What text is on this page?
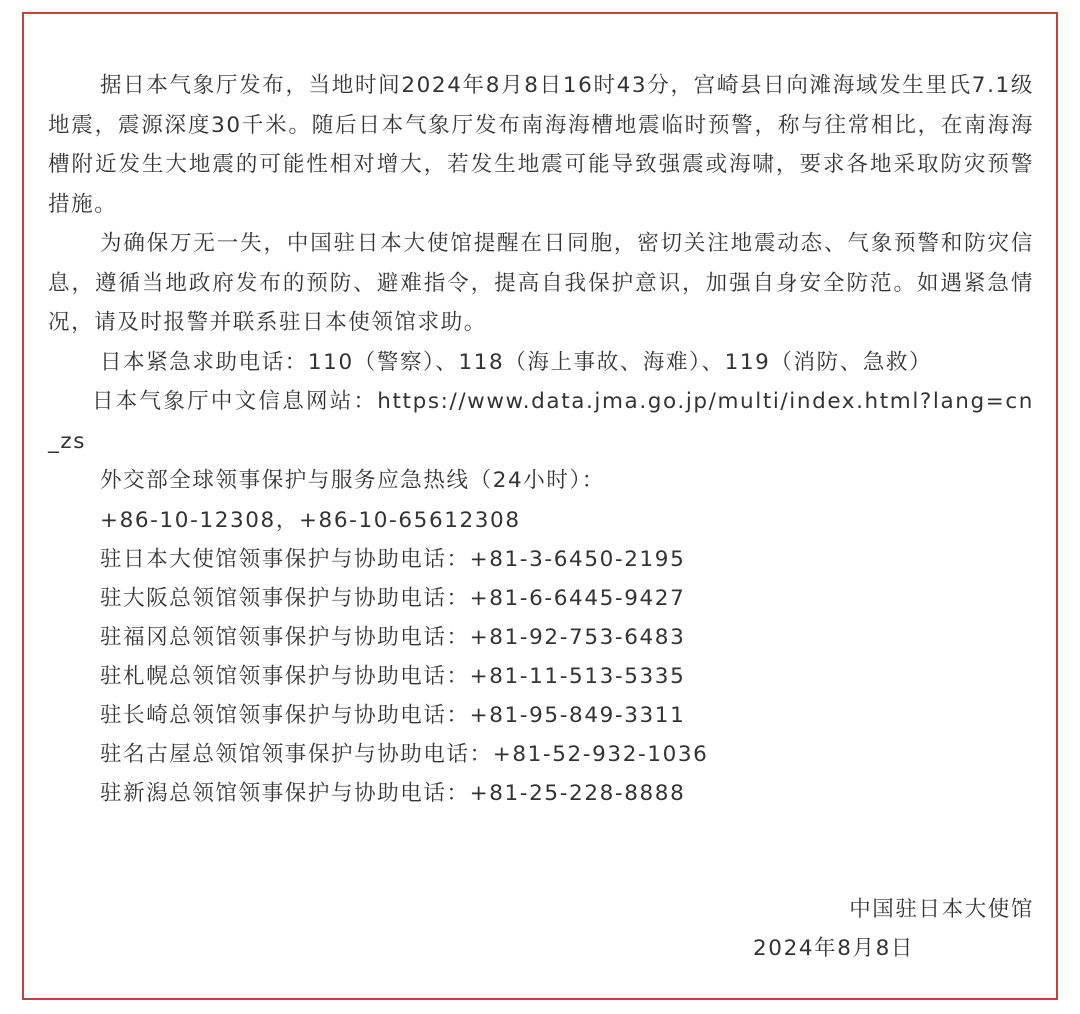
据日本气象厅发布，当地时间2024年8月8日16时43分，宫崎县日向滩海域发生里氏7.1级地震，震源深度30千米。随后日本气象厅发布南海海槽地震临时预警，称与往常相比，在南海海槽附近发生大地震的可能性相对增大，若发生地震可能导致强震或海啸，要求各地采取防灾预警措施。

为确保万无一失，中国驻日本大使馆提醒在日同胞，密切关注地震动态、气象预警和防灾信息，遵循当地政府发布的预防、避难指令，提高自我保护意识，加强自身安全防范。如遇紧急情况，请及时报警并联系驻日本使领馆求助。

日本紧急求助电话：110（警察）、118（海上事故、海难）、119（消防、急救）

日本气象厅中文信息网站：https://www.data.jma.go.jp/multi/index.html?lang=cn_zs

外交部全球领事保护与服务应急热线（24小时）：

+86-10-12308，+86-10-65612308

驻日本大使馆领事保护与协助电话：+81-3-6450-2195

驻大阪总领馆领事保护与协助电话：+81-6-6445-9427

驻福冈总领馆领事保护与协助电话：+81-92-753-6483

驻札幌总领馆领事保护与协助电话：+81-11-513-5335

驻长崎总领馆领事保护与协助电话：+81-95-849-3311

驻名古屋总领馆领事保护与协助电话：+81-52-932-1036

驻新潟总领馆领事保护与协助电话：+81-25-228-8888

中国驻日本大使馆
2024年8月8日
